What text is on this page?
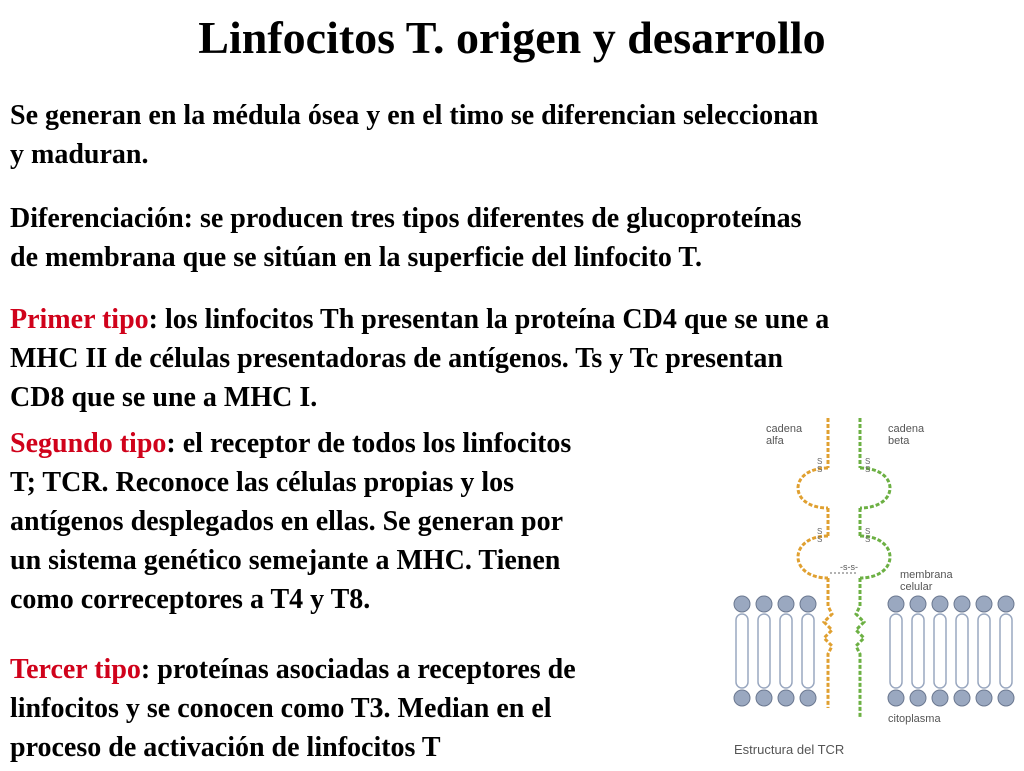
Linfocitos T. origen y desarrollo
Se generan en la médula ósea y en el timo se diferencian seleccionan
y maduran.
Diferenciación: se producen tres tipos diferentes de glucoproteínas
de membrana que se sitúan en la superficie del linfocito T.
Primer tipo: los linfocitos Th presentan la proteína CD4 que se une a
MHC II de células presentadoras de antígenos. Ts y Tc presentan
CD8 que se une a MHC I.
Segundo tipo: el receptor de todos los linfocitos
T; TCR. Reconoce las células propias y los
antígenos desplegados en ellas. Se generan por
un sistema genético semejante a MHC. Tienen
como correceptores a T4 y T8.
Tercer tipo: proteínas asociadas a receptores de
linfocitos y se conocen como T3. Median en el
proceso de activación de linfocitos T
cadena
alfa
cadena
beta
membrana
celular
citoplasma
-s-s-
Estructura del TCR
S
S
S
S
S
S
S
S
